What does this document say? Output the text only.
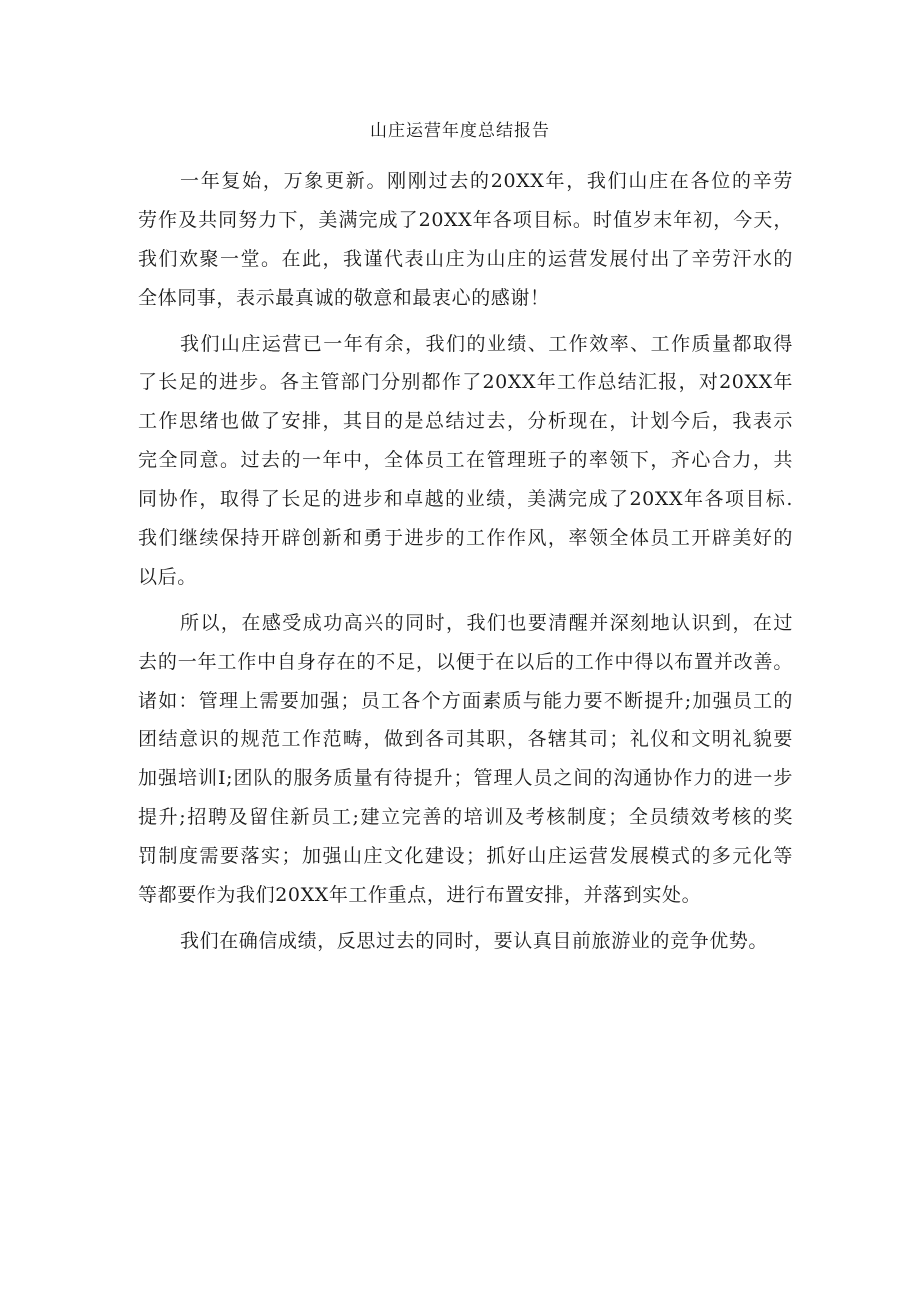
山庄运营年度总结报告
一年复始，万象更新。刚刚过去的20XX年，我们山庄在各位的辛劳
劳作及共同努力下，美满完成了20XX年各项目标。时值岁末年初，今天，
我们欢聚一堂。在此，我谨代表山庄为山庄的运营发展付出了辛劳汗水的
全体同事，表示最真诚的敬意和最衷心的感谢！
我们山庄运营已一年有余，我们的业绩、工作效率、工作质量都取得
了长足的进步。各主管部门分别都作了20XX年工作总结汇报，对20XX年
工作思绪也做了安排，其目的是总结过去，分析现在，计划今后，我表示
完全同意。过去的一年中，全体员工在管理班子的率领下，齐心合力，共
同协作，取得了长足的进步和卓越的业绩，美满完成了20XX年各项目标.
我们继续保持开辟创新和勇于进步的工作作风，率领全体员工开辟美好的
以后。
所以，在感受成功高兴的同时，我们也要清醒并深刻地认识到，在过
去的一年工作中自身存在的不足，以便于在以后的工作中得以布置并改善。
诸如：管理上需要加强；员工各个方面素质与能力要不断提升;加强员工的
团结意识的规范工作范畴，做到各司其职，各辖其司；礼仪和文明礼貌要
加强培训I;团队的服务质量有待提升；管理人员之间的沟通协作力的进一步
提升;招聘及留住新员工;建立完善的培训及考核制度；全员绩效考核的奖
罚制度需要落实；加强山庄文化建设；抓好山庄运营发展模式的多元化等
等都要作为我们20XX年工作重点，进行布置安排，并落到实处。
我们在确信成绩，反思过去的同时，要认真目前旅游业的竞争优势。
